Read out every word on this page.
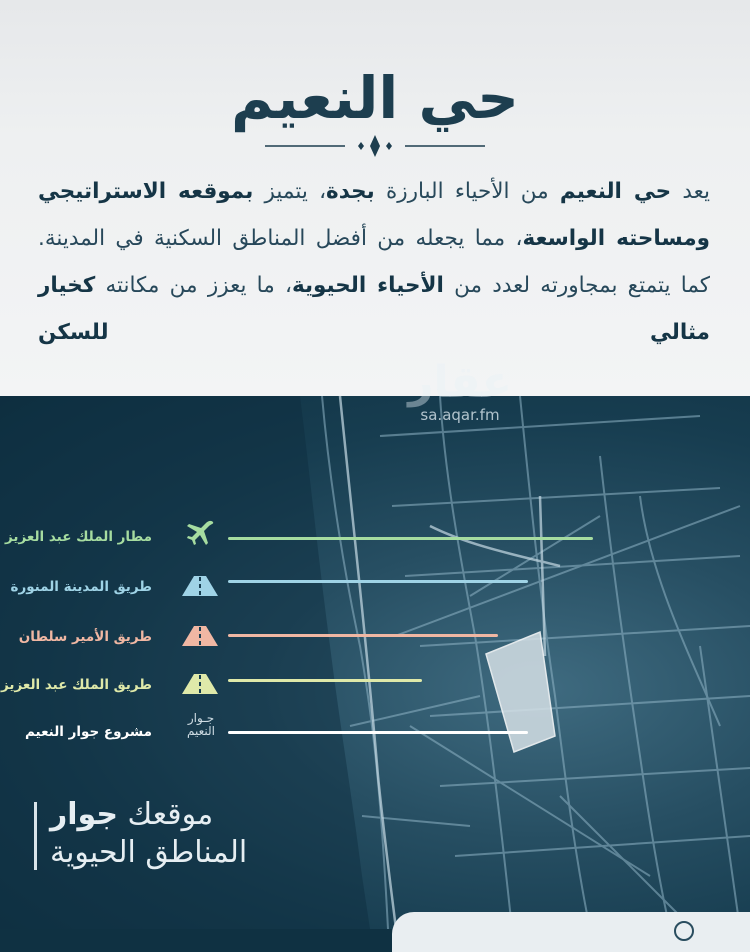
حي النعيم
يعد حي النعيم من الأحياء البارزة بجدة، يتميز بموقعه الاستراتيجي ومساحته الواسعة، مما يجعله من أفضل المناطق السكنية في المدينة. كما يتمتع بمجاورته لعدد من الأحياء الحيوية، ما يعزز من مكانته كخيار مثالي للسكن
عقار
sa.aqar.fm
مطار الملك عبد العزيز
طريق المدينة المنورة
طريق الأمير سلطان
طريق الملك عبد العزيز
مشروع جوار النعيم
جـوار
النعيم
موقعك جوار
المناطق الحيوية
